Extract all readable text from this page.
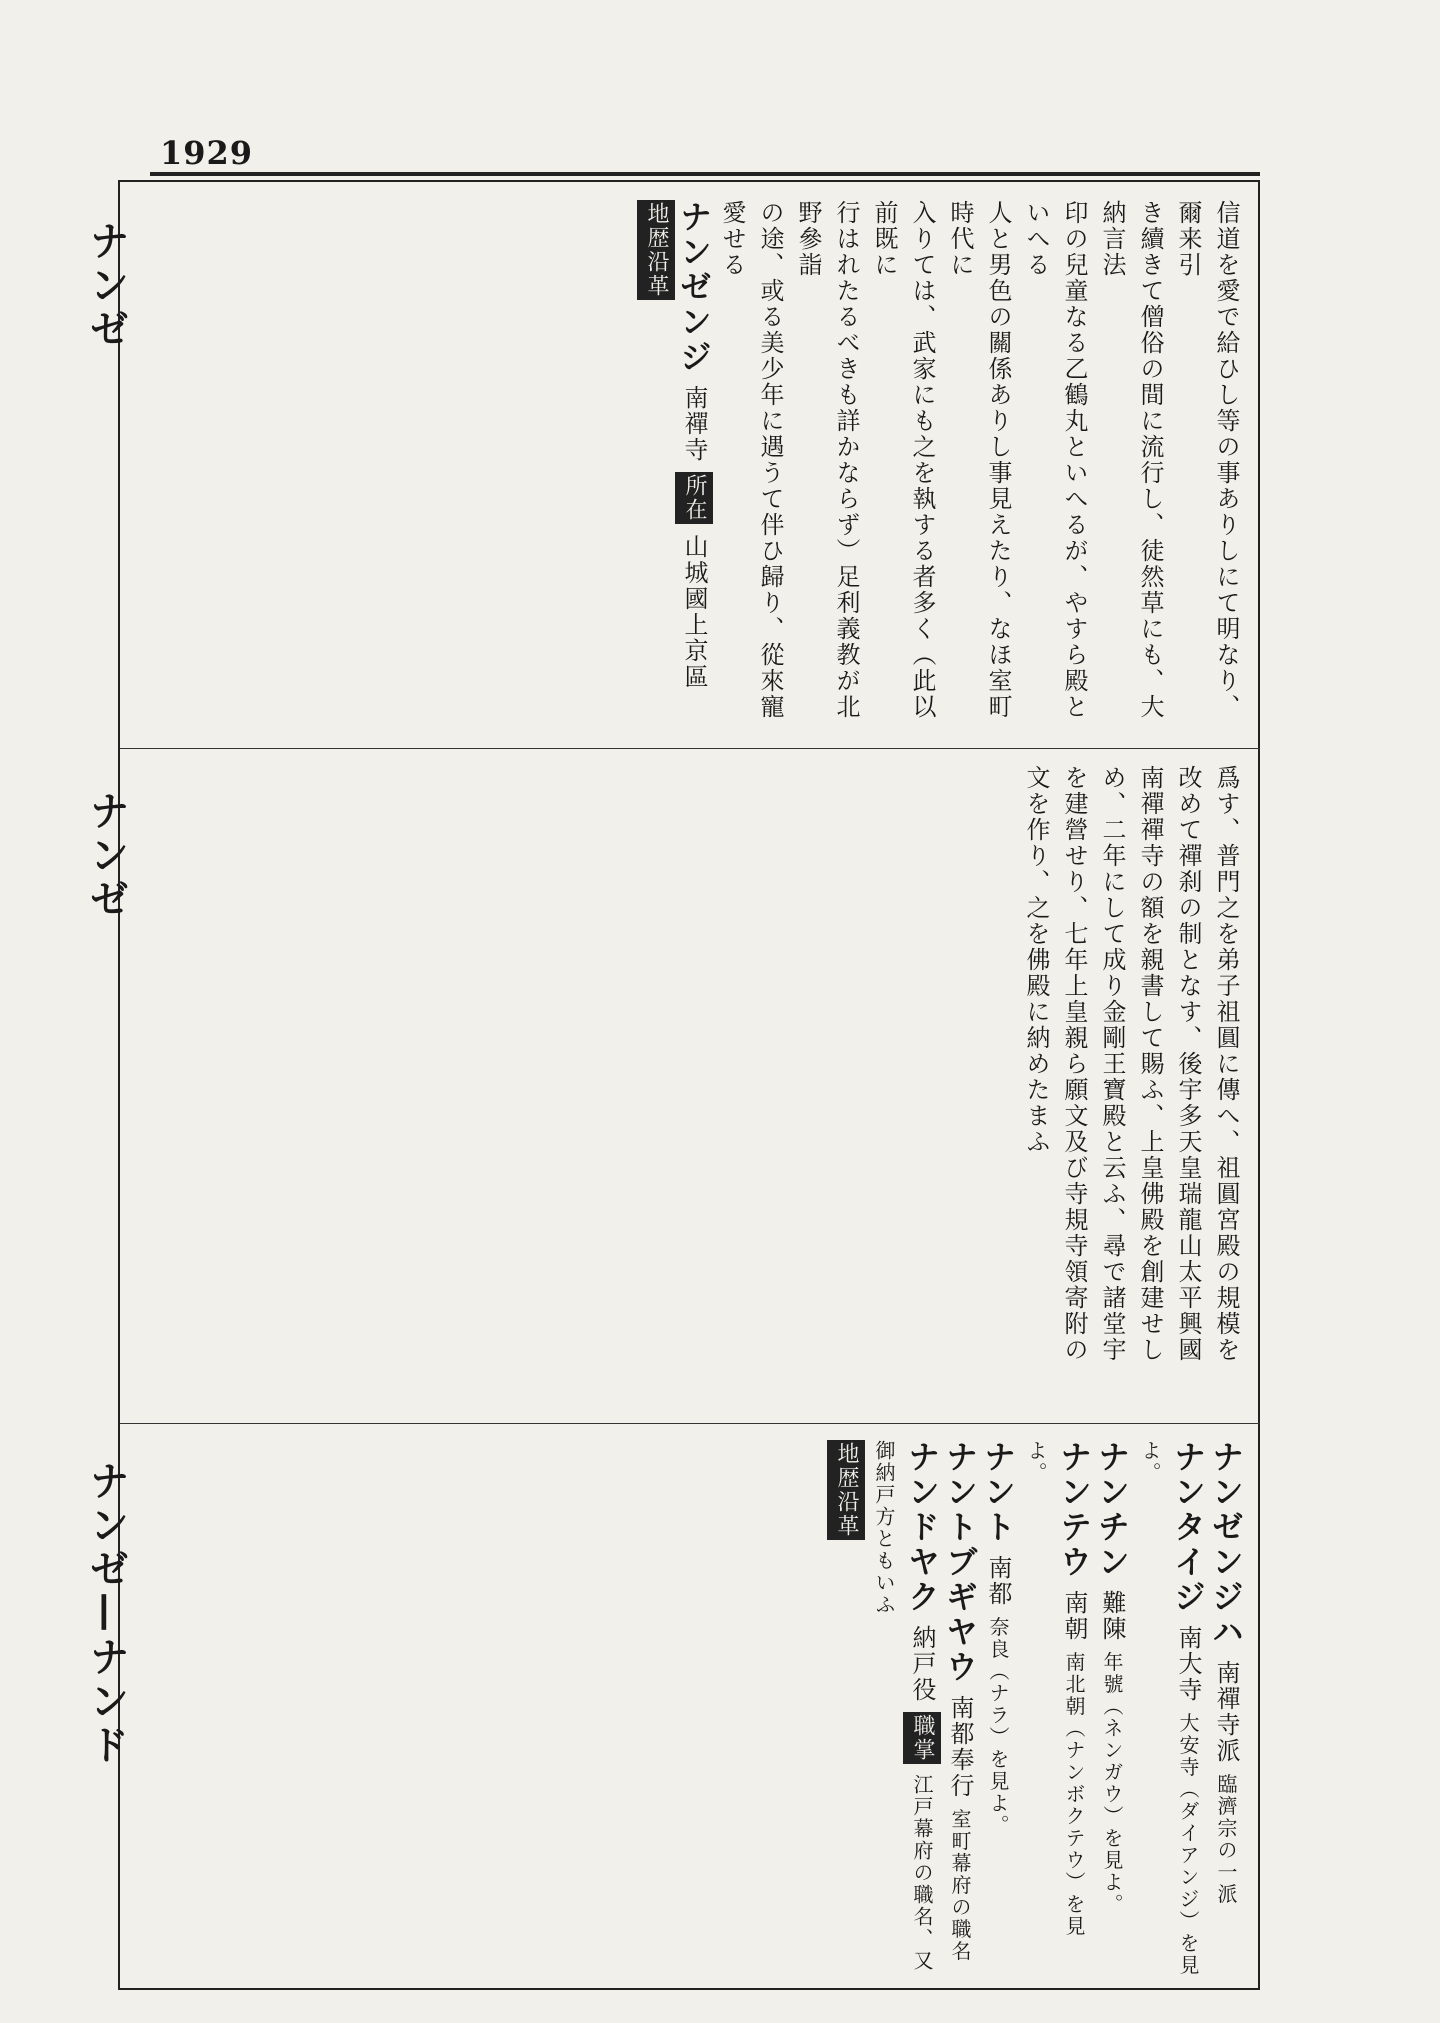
1929
ナンゼ
ナンゼ
ナンゼ—ナンド

信道を愛で給ひし等の事ありしにて明なり、爾来引

き續きて僧俗の間に流行し、徒然草にも、大納言法

印の兒童なる乙鶴丸といへるが、やすら殿といへる

人と男色の關係ありし事見えたり、なほ室町時代に

入りては、武家にも之を執する者多く（此以前既に

行はれたるべきも詳かならず）足利義教が北野參詣

の途、或る美少年に遇うて伴ひ歸り、從來寵愛せる

ナンゼンジ 南禪寺 所在 山城國上京區

地歴沿革

爲す、普門之を弟子祖圓に傳へ、祖圓宮殿の規模を

改めて禪刹の制となす、後宇多天皇瑞龍山太平興國

南禪禪寺の額を親書して賜ふ、上皇佛殿を創建せし

め、二年にして成り金剛王寶殿と云ふ、尋で諸堂宇

を建營せり、七年上皇親ら願文及び寺規寺領寄附の

文を作り、之を佛殿に納めたまふ

ナンゼンジハ 南禪寺派 臨濟宗の一派

ナンタイジ 南大寺 大安寺（ダイアンジ）を見よ。

ナンチン 難陳 年號（ネンガウ）を見よ。

ナンテウ 南朝 南北朝（ナンボクテウ）を見よ。

ナント 南都 奈良（ナラ）を見よ。

ナントブギヤウ 南都奉行 室町幕府の職名

ナンドヤク 納戸役 職掌 江戸幕府の職名、又御納戸方ともいふ

地歴沿革
